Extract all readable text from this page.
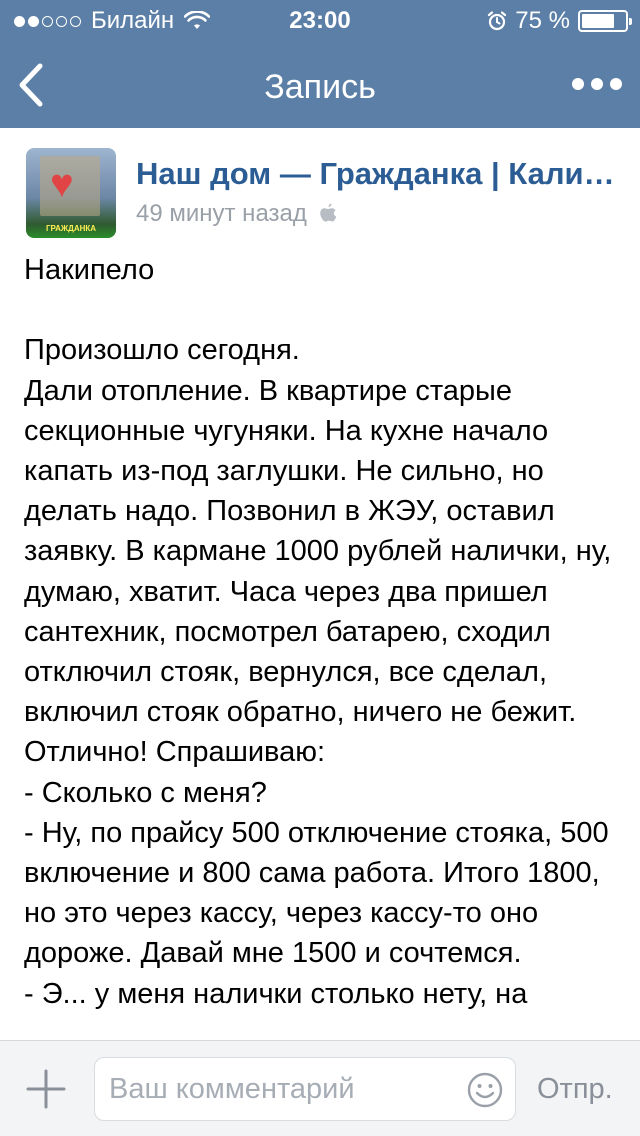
Билайн	23:00	75 %
Запись
♥
ГРАЖДАНКА
Наш дом — Гражданка | Кали…
49 минут назад
Накипело

Произошло сегодня.
Дали отопление. В квартире старые секционные чугуняки. На кухне начало капать из-под заглушки. Не сильно, но делать надо. Позвонил в ЖЭУ, оставил заявку. В кармане 1000 рублей налички, ну, думаю, хватит. Часа через два пришел сантехник, посмотрел батарею, сходил отключил стояк, вернулся, все сделал, включил стояк обратно, ничего не бежит. Отлично! Спрашиваю:
- Сколько с меня?
- Ну, по прайсу 500 отключение стояка, 500 включение и 800 сама работа. Итого 1800, но это через кассу, через кассу-то оно дороже. Давай мне 1500 и сочтемся.
- Э... у меня налички столько нету, на
Ваш комментарий
Отпр.
